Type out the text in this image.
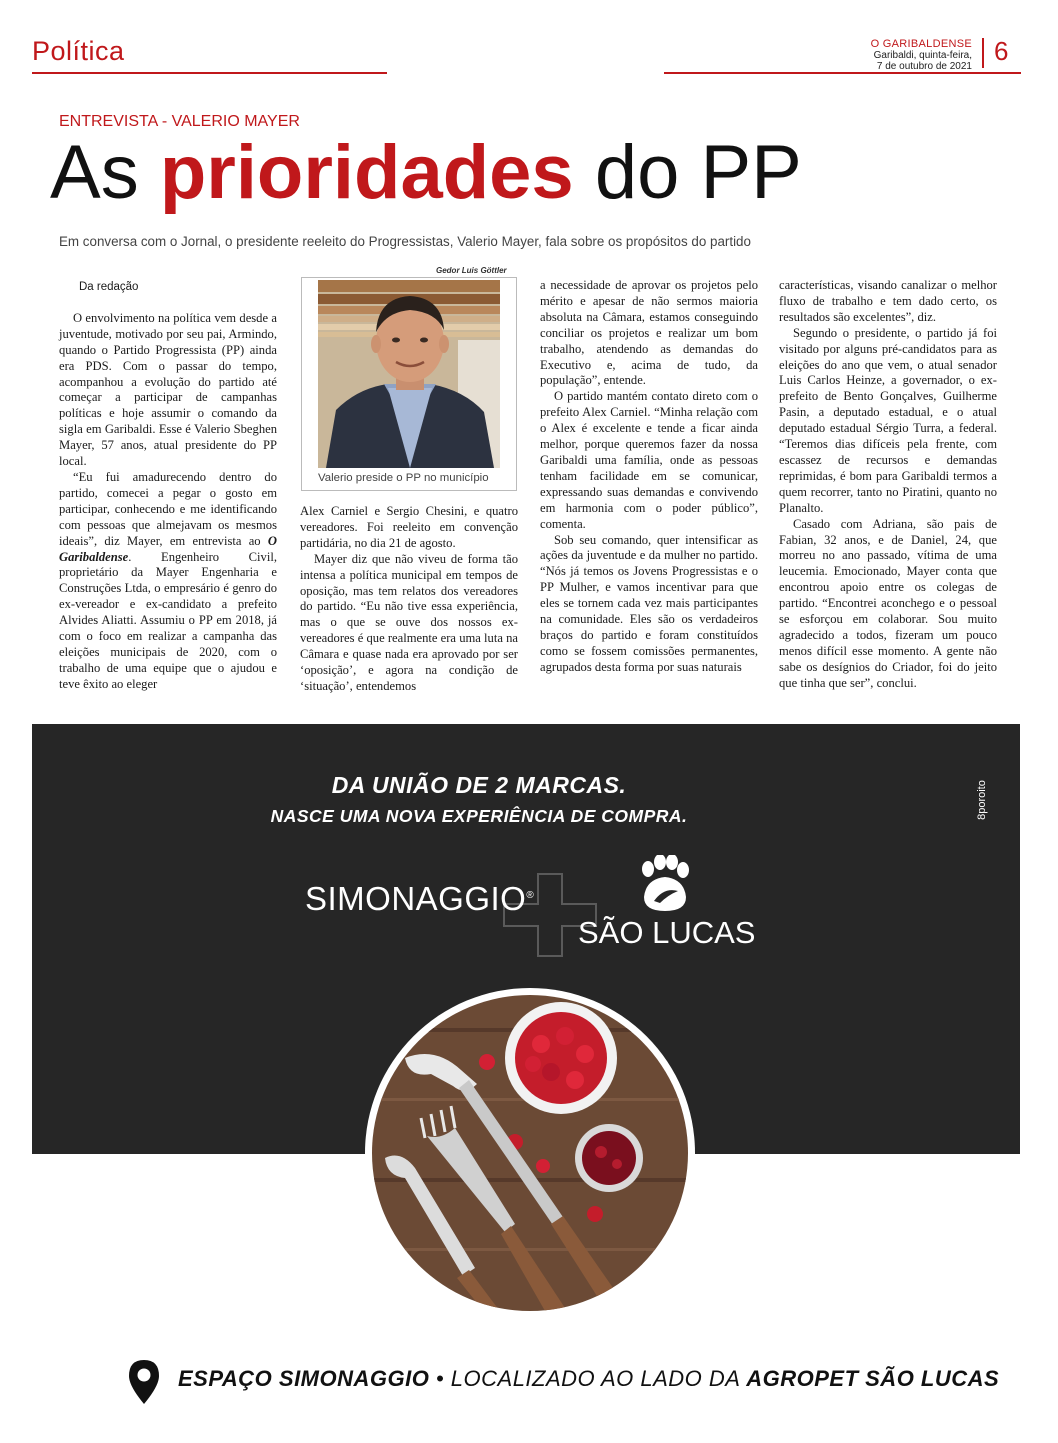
Política	O GARIBALDENSE
Garibaldi, quinta-feira,
7 de outubro de 2021
6
ENTREVISTA - VALERIO MAYER
As prioridades do PP
Em conversa com o Jornal, o presidente reeleito do Progressistas, Valerio Mayer, fala sobre os propósitos do partido
Da redação

O envolvimento na política vem desde a juventude, motivado por seu pai, Armindo, quando o Partido Progressista (PP) ainda era PDS. Com o passar do tempo, acompanhou a evolução do partido até começar a participar de campanhas políticas e hoje assumir o comando da sigla em Garibaldi. Esse é Valerio Sbeghen Mayer, 57 anos, atual presidente do PP local.

“Eu fui amadurecendo dentro do partido, comecei a pegar o gosto em participar, conhecendo e me identificando com pessoas que almejavam os mesmos ideais”, diz Mayer, em entrevista ao O Garibaldense. Engenheiro Civil, proprietário da Mayer Engenharia e Construções Ltda, o empresário é genro do ex-vereador e ex-candidato a prefeito Alvides Aliatti. Assumiu o PP em 2018, já com o foco em realizar a campanha das eleições municipais de 2020, com o trabalho de uma equipe que o ajudou e teve êxito ao eleger

Gedor Luis Göttler
Valerio preside o PP no município

Alex Carniel e Sergio Chesini, e quatro vereadores. Foi reeleito em convenção partidária, no dia 21 de agosto.

Mayer diz que não viveu de forma tão intensa a política municipal em tempos de oposição, mas tem relatos dos vereadores do partido. “Eu não tive essa experiência, mas o que se ouve dos nossos ex-vereadores é que realmente era uma luta na Câmara e quase nada era aprovado por ser ‘oposição’, e agora na condição de ‘situação’, entendemos

a necessidade de aprovar os projetos pelo mérito e apesar de não sermos maioria absoluta na Câmara, estamos conseguindo conciliar os projetos e realizar um bom trabalho, atendendo as demandas do Executivo e, acima de tudo, da população”, entende.

O partido mantém contato direto com o prefeito Alex Carniel. “Minha relação com o Alex é excelente e tende a ficar ainda melhor, porque queremos fazer da nossa Garibaldi uma família, onde as pessoas tenham facilidade em se comunicar, expressando suas demandas e convivendo em harmonia com o poder público”, comenta.

Sob seu comando, quer intensificar as ações da juventude e da mulher no partido. “Nós já temos os Jovens Progressistas e o PP Mulher, e vamos incentivar para que eles se tornem cada vez mais participantes na comunidade. Eles são os verdadeiros braços do partido e foram constituídos como se fossem comissões permanentes, agrupados desta forma por suas naturais

características, visando canalizar o melhor fluxo de trabalho e tem dado certo, os resultados são excelentes”, diz.

Segundo o presidente, o partido já foi visitado por alguns pré-candidatos para as eleições do ano que vem, o atual senador Luis Carlos Heinze, a governador, o ex-prefeito de Bento Gonçalves, Guilherme Pasin, a deputado estadual, e o atual deputado estadual Sérgio Turra, a federal. “Teremos dias difíceis pela frente, com escassez de recursos e demandas reprimidas, é bom para Garibaldi termos a quem recorrer, tanto no Piratini, quanto no Planalto.

Casado com Adriana, são pais de Fabian, 32 anos, e de Daniel, 24, que morreu no ano passado, vítima de uma leucemia. Emocionado, Mayer conta que encontrou apoio entre os colegas de partido. “Encontrei aconchego e o pessoal se esforçou em colaborar. Sou muito agradecido a todos, fizeram um pouco menos difícil esse momento. A gente não sabe os desígnios do Criador, foi do jeito que tinha que ser”, conclui.

DA UNIÃO DE 2 MARCAS.
NASCE UMA NOVA EXPERIÊNCIA DE COMPRA.	8poroito
SIMONAGGIO®
SÃO LUCAS
ESPAÇO SIMONAGGIO • LOCALIZADO AO LADO DA AGROPET SÃO LUCAS
